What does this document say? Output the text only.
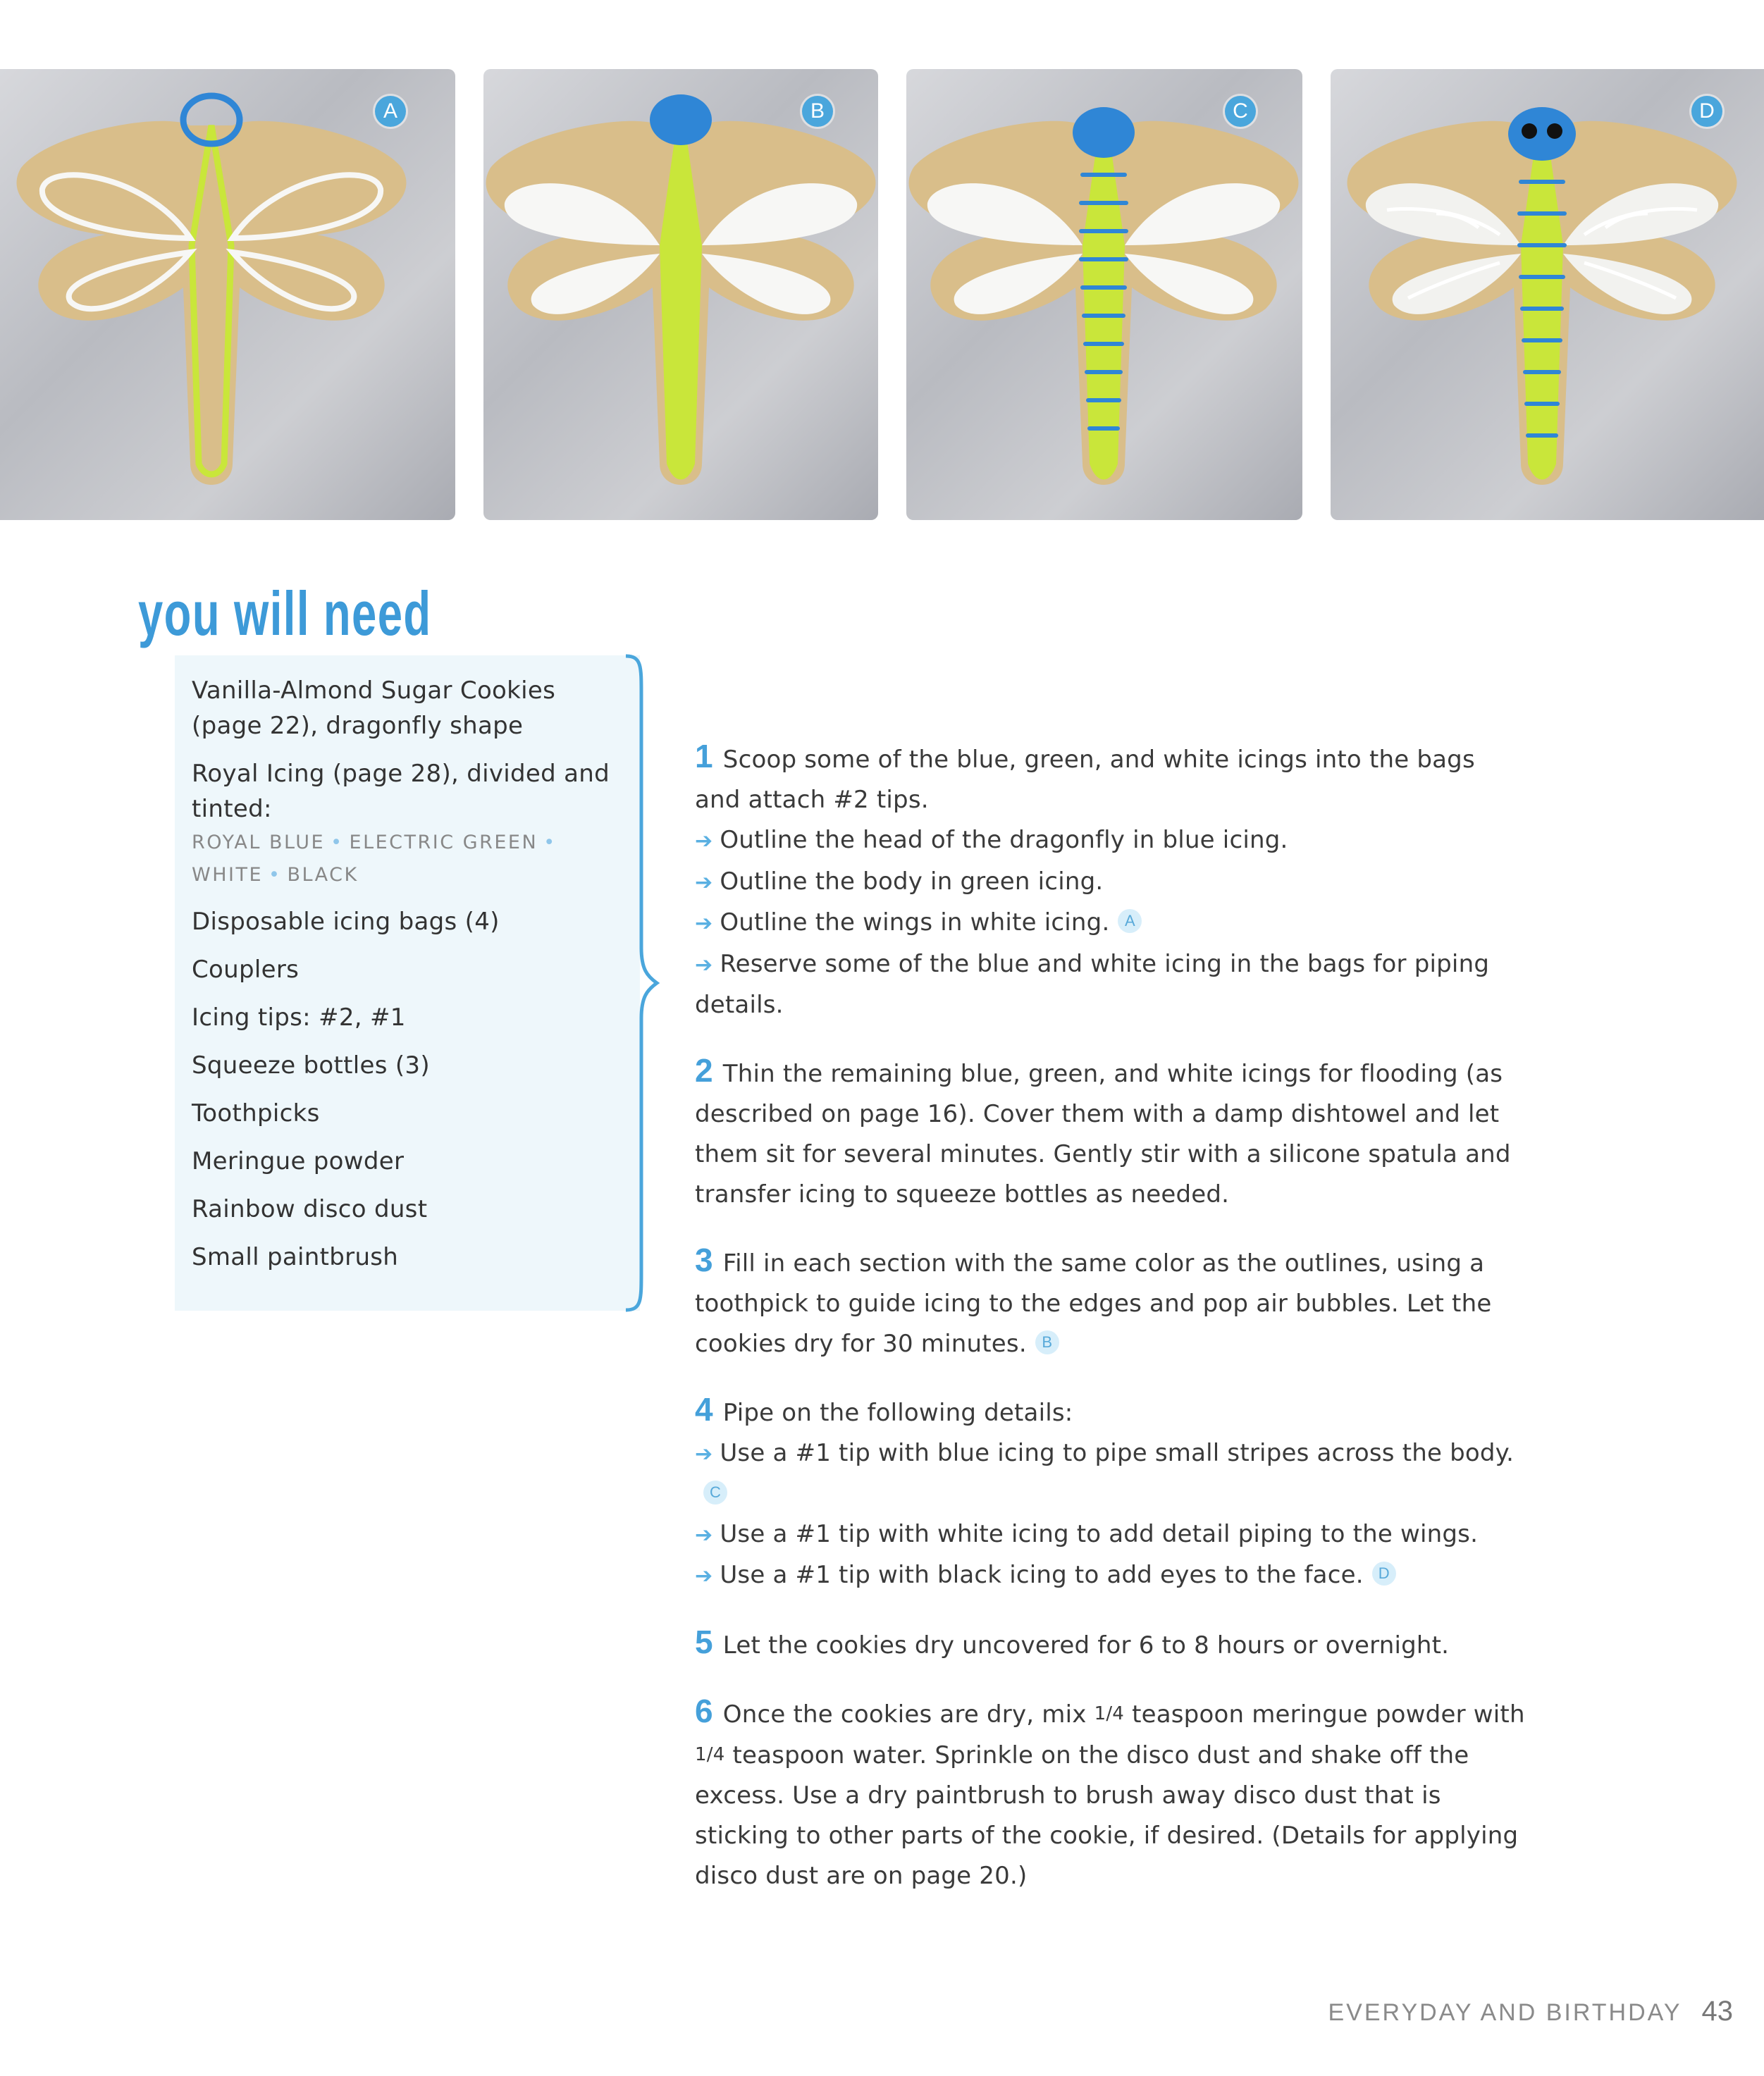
A	B	C	D
you will need
Vanilla-Almond Sugar Cookies (page 22), dragonfly shape
Royal Icing (page 28), divided and tinted:
ROYAL BLUE • ELECTRIC GREEN •
WHITE • BLACK
Disposable icing bags (4)
Couplers
Icing tips: #2, #1
Squeeze bottles (3)
Toothpicks
Meringue powder
Rainbow disco dust
Small paintbrush

1 Scoop some of the blue, green, and white icings into the bags and attach #2 tips.

➔ Outline the head of the dragonfly in blue icing.
➔ Outline the body in green icing.
➔ Outline the wings in white icing. A
➔ Reserve some of the blue and white icing in the bags for piping details.

2 Thin the remaining blue, green, and white icings for flooding (as described on page 16). Cover them with a damp dishtowel and let them sit for several minutes. Gently stir with a silicone spatula and transfer icing to squeeze bottles as needed.

3 Fill in each section with the same color as the outlines, using a toothpick to guide icing to the edges and pop air bubbles. Let the cookies dry for 30 minutes. B

4 Pipe on the following details:

➔ Use a #1 tip with blue icing to pipe small stripes across the body.C
➔ Use a #1 tip with white icing to add detail piping to the wings.
➔ Use a #1 tip with black icing to add eyes to the face. D

5 Let the cookies dry uncovered for 6 to 8 hours or overnight.

6 Once the cookies are dry, mix 1/4 teaspoon meringue powder with 1/4 teaspoon water. Sprinkle on the disco dust and shake off the excess. Use a dry paintbrush to brush away disco dust that is sticking to other parts of the cookie, if desired. (Details for applying disco dust are on page 20.)

EVERYDAY AND BIRTHDAY 43
